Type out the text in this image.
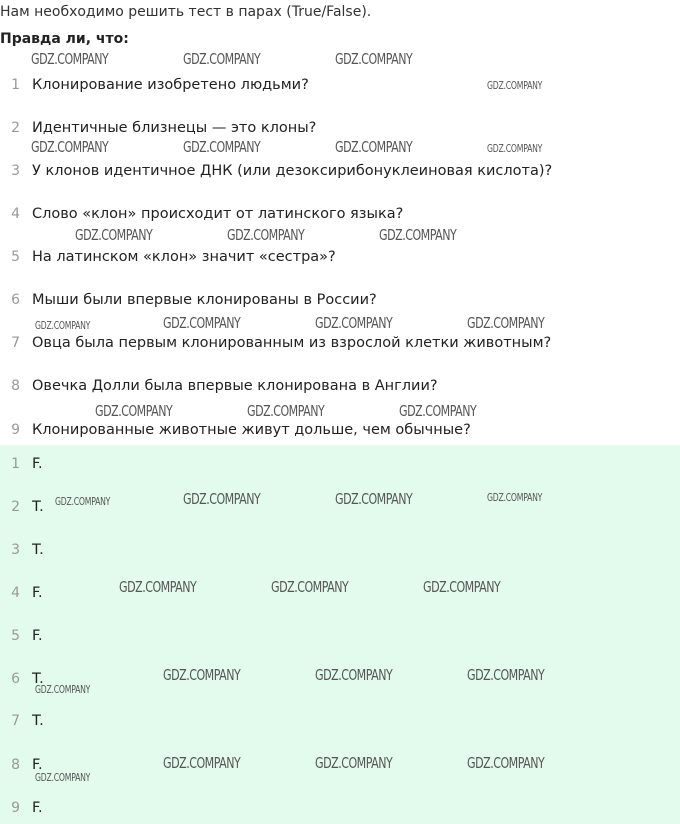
Нам необходимо решить тест в парах (True/False).
Правда ли, что:
1 Клонирование изобретено людьми?
2 Идентичные близнецы — это клоны?
3 У клонов идентичное ДНК (или дезоксирибонуклеиновая кислота)?
4 Слово «клон» происходит от латинского языка?
5 На латинском «клон» значит «сестра»?
6 Мыши были впервые клонированы в России?
7 Овца была первым клонированным из взрослой клетки животным?
8 Овечка Долли была впервые клонирована в Англии?
9 Клонированные животные живут дольше, чем обычные?
1 F.
2 T.
3 T.
4 F.
5 F.
6 T.
7 T.
8 F.
9 F.
GDZ.COMPANY	GDZ.COMPANY	GDZ.COMPANY
GDZ.COMPANY
GDZ.COMPANY	GDZ.COMPANY	GDZ.COMPANY	GDZ.COMPANY
GDZ.COMPANY	GDZ.COMPANY	GDZ.COMPANY
GDZ.COMPANY	GDZ.COMPANY	GDZ.COMPANY	GDZ.COMPANY
GDZ.COMPANY	GDZ.COMPANY	GDZ.COMPANY
GDZ.COMPANY	GDZ.COMPANY	GDZ.COMPANY	GDZ.COMPANY
GDZ.COMPANY	GDZ.COMPANY	GDZ.COMPANY
GDZ.COMPANY	GDZ.COMPANY	GDZ.COMPANY
GDZ.COMPANY
GDZ.COMPANY	GDZ.COMPANY	GDZ.COMPANY
GDZ.COMPANY
